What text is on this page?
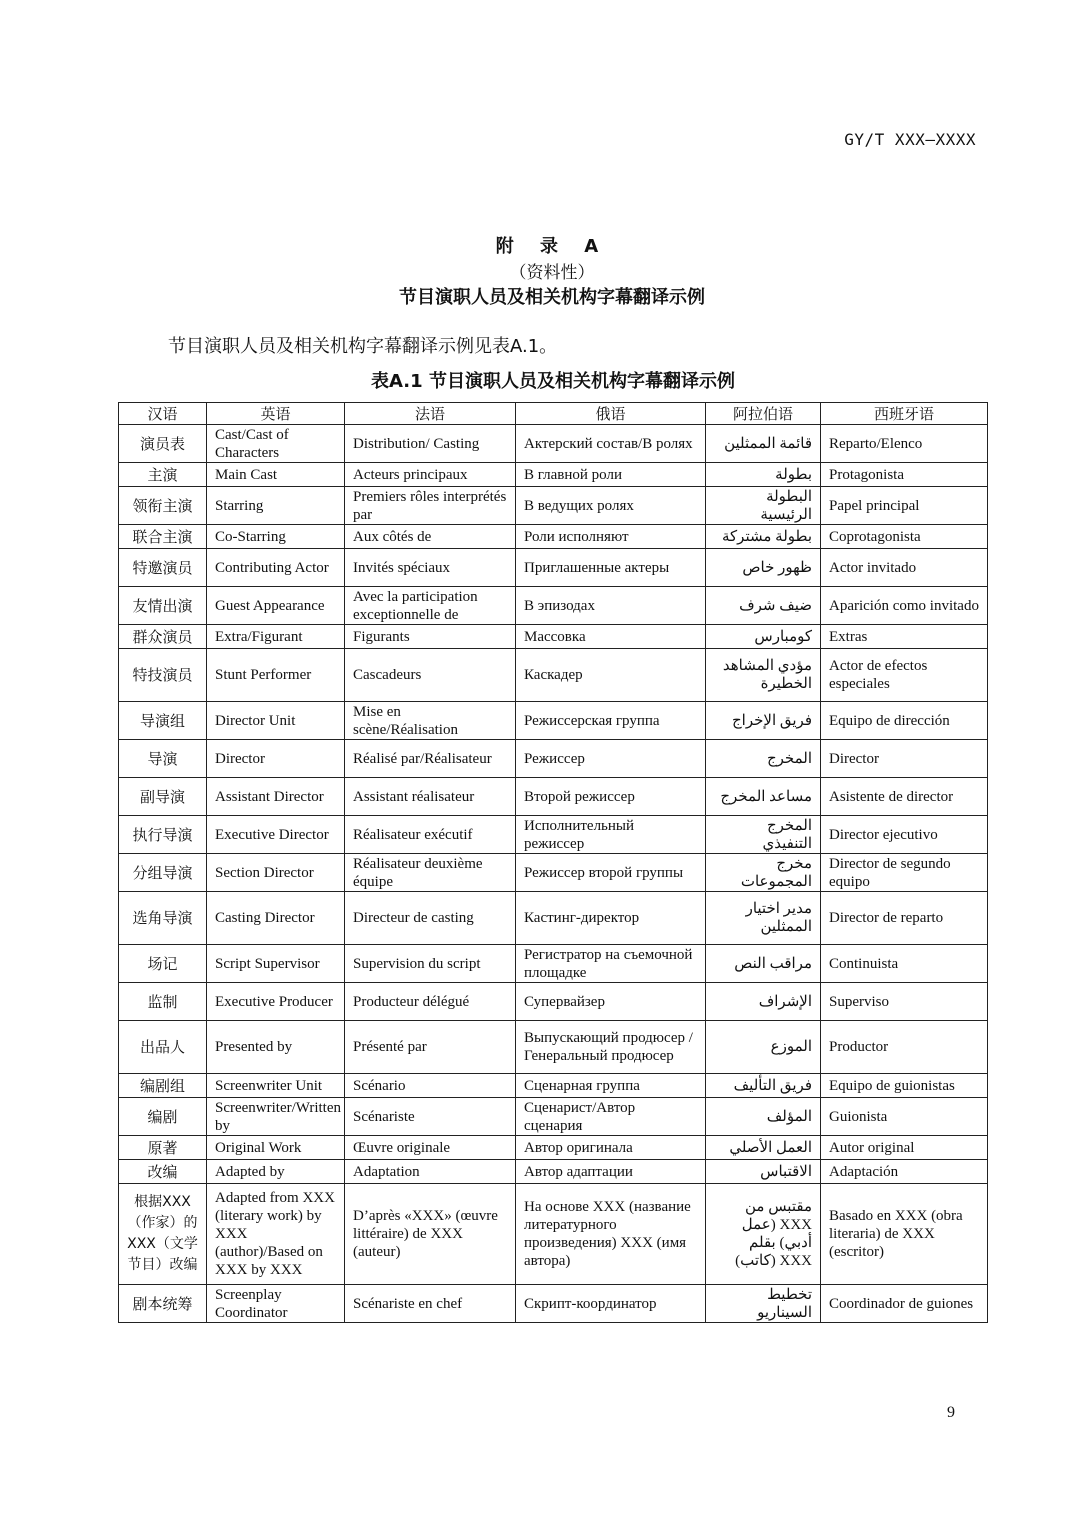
GY/T XXX—XXXX
附 录 A
（资料性）
节目演职人员及相关机构字幕翻译示例
节目演职人员及相关机构字幕翻译示例见表A.1。
表A.1 节目演职人员及相关机构字幕翻译示例
汉语	英语	法语	俄语	阿拉伯语	西班牙语
演员表	Cast/Cast of Characters	Distribution/ Casting	Актерский состав/В ролях	قائمة الممثلين	Reparto/Elenco
主演	Main Cast	Acteurs principaux	В главной роли	بطولة	Protagonista
领衔主演	Starring	Premiers rôles interprétés par	В ведущих ролях	البطولة الرئيسية	Papel principal
联合主演	Co-Starring	Aux côtés de	Роли исполняют	بطولة مشتركة	Coprotagonista
特邀演员	Contributing Actor	Invités spéciaux	Приглашенные актеры	ظهور خاص	Actor invitado
友情出演	Guest Appearance	Avec la participation exceptionnelle de	В эпизодах	ضيف شرف	Aparición como invitado
群众演员	Extra/Figurant	Figurants	Массовка	كومبارس	Extras
特技演员	Stunt Performer	Cascadeurs	Каскадер	مؤدي المشاهد الخطيرة	Actor de efectos especiales
导演组	Director Unit	Mise en scène/Réalisation	Режиссерская группа	فريق الإخراج	Equipo de dirección
导演	Director	Réalisé par/Réalisateur	Режиссер	المخرج	Director
副导演	Assistant Director	Assistant réalisateur	Второй режиссер	مساعد المخرج	Asistente de director
执行导演	Executive Director	Réalisateur exécutif	Исполнительный режиссер	المخرج التنفيذي	Director ejecutivo
分组导演	Section Director	Réalisateur deuxième équipe	Режиссер второй группы	مخرج المجموعات	Director de segundo equipo
选角导演	Casting Director	Directeur de casting	Кастинг-директор	مدير اختيار الممثلين	Director de reparto
场记	Script Supervisor	Supervision du script	Регистратор на съемочной площадке	مراقب النص	Continuista
监制	Executive Producer	Producteur délégué	Супервайзер	الإشراف	Superviso
出品人	Presented by	Présenté par	Выпускающий продюсер / Генеральный продюсер	الموزع	Productor
编剧组	Screenwriter Unit	Scénario	Сценарная группа	فريق التأليف	Equipo de guionistas
编剧	Screenwriter/Written by	Scénariste	Сценарист/Автор сценария	المؤلف	Guionista
原著	Original Work	Œuvre originale	Автор оригинала	العمل الأصلي	Autor original
改编	Adapted by	Adaptation	Автор адаптации	الاقتباس	Adaptación
根据XXX（作家）的XXX（文学节目）改编	Adapted from XXX (literary work) by XXX (author)/Based on XXX by XXX	D’après «XXX» (œuvre littéraire) de XXX (auteur)	На основе XXX (название литературного произведения) XXX (имя автора)	مقتبس من XXX (عمل أدبي) بقلم XXX (كاتب)	Basado en XXX (obra literaria) de XXX (escritor)
剧本统筹	Screenplay Coordinator	Scénariste en chef	Скрипт-координатор	تخطيط السيناريو	Coordinador de guiones
9
